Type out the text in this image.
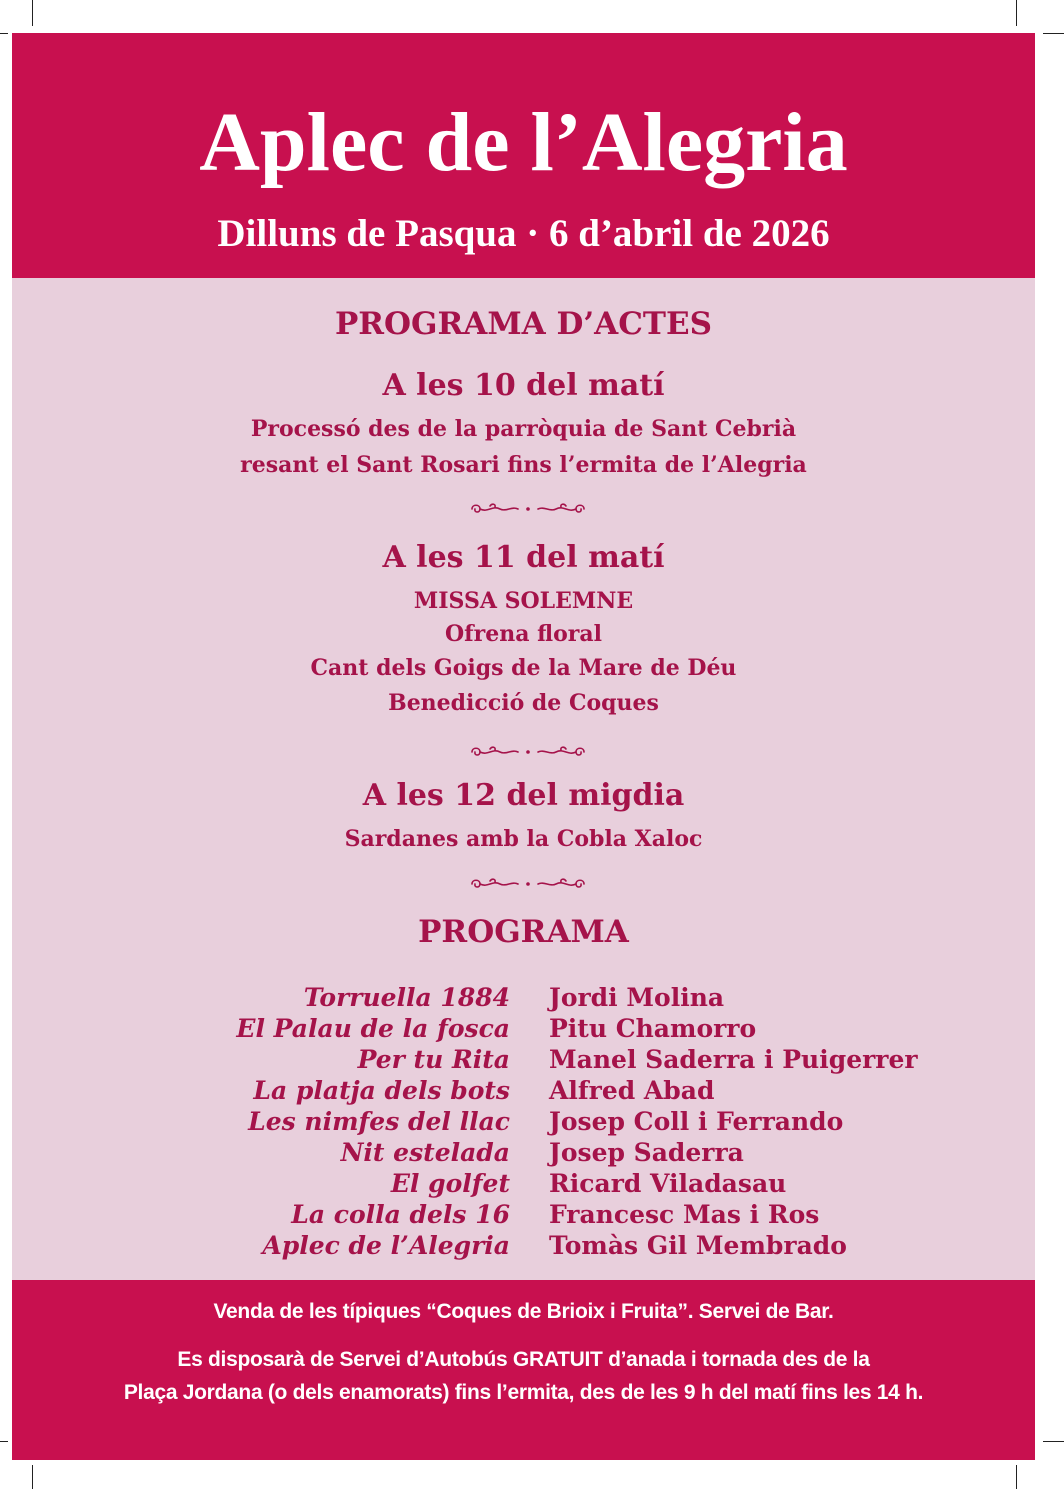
Aplec de l’Alegria
Dilluns de Pasqua · 6 d’abril de 2026
PROGRAMA D’ACTES
A les 10 del matí
Processó des de la parròquia de Sant Cebrià
resant el Sant Rosari fins l’ermita de l’Alegria
A les 11 del matí
MISSA SOLEMNE
Ofrena floral
Cant dels Goigs de la Mare de Déu
Benedicció de Coques
A les 12 del migdia
Sardanes amb la Cobla Xaloc
PROGRAMA
Torruella 1884 Jordi Molina
El Palau de la fosca Pitu Chamorro
Per tu Rita Manel Saderra i Puigerrer
La platja dels bots Alfred Abad
Les nimfes del llac Josep Coll i Ferrando
Nit estelada Josep Saderra
El golfet Ricard Viladasau
La colla dels 16 Francesc Mas i Ros
Aplec de l’Alegria Tomàs Gil Membrado
Venda de les típiques “Coques de Brioix i Fruita”. Servei de Bar.
Es disposarà de Servei d’Autobús GRATUIT d’anada i tornada des de la
Plaça Jordana (o dels enamorats) fins l’ermita, des de les 9 h del matí fins les 14 h.
